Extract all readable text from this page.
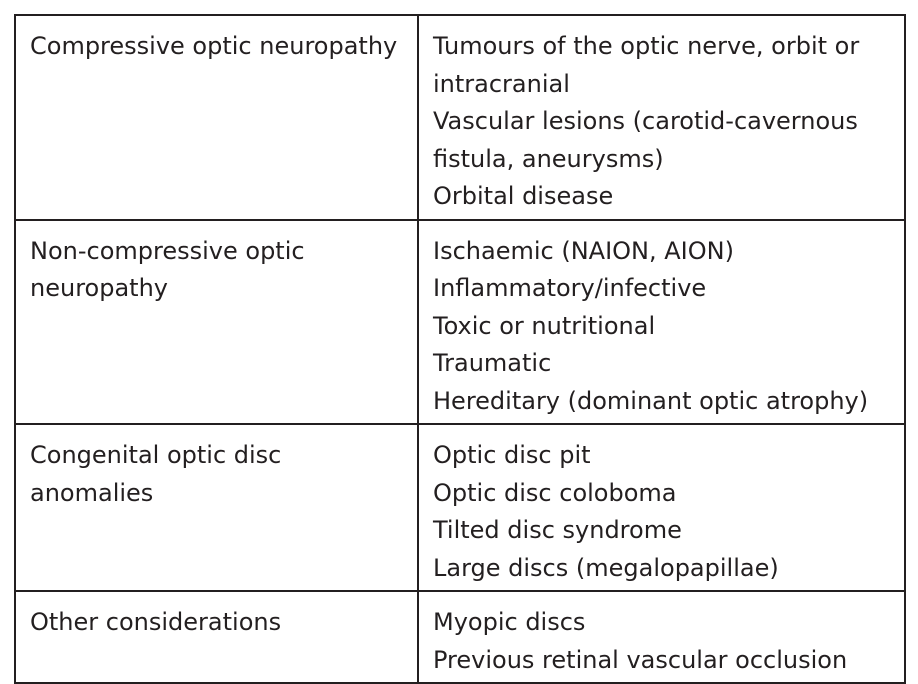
Compressive optic neuropathy	Tumours of the optic nerve, orbit or intracranial
Vascular lesions (carotid-cavernous fistula, aneurysms)
Orbital disease

Non-compressive optic neuropathy	Ischaemic (NAION, AION)
Inflammatory/infective
Toxic or nutritional
Traumatic
Hereditary (dominant optic atrophy)

Congenital optic disc anomalies	Optic disc pit
Optic disc coloboma
Tilted disc syndrome
Large discs (megalopapillae)

Other considerations	Myopic discs
Previous retinal vascular occlusion
